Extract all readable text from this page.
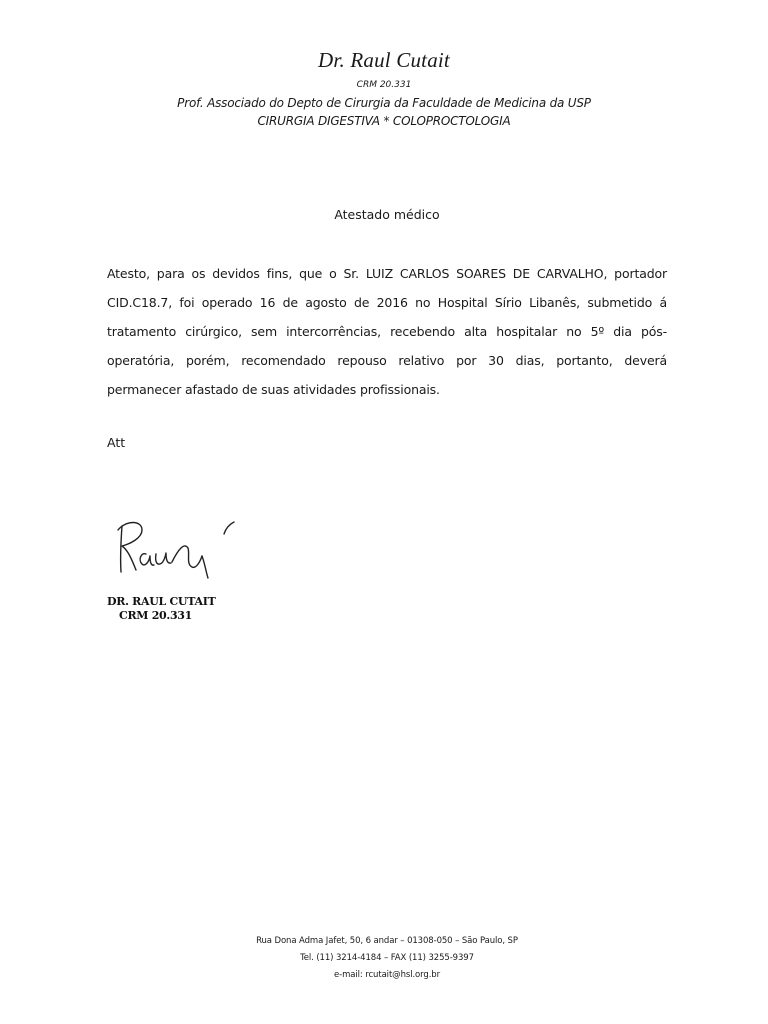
Dr. Raul Cutait
CRM 20.331
Prof. Associado do Depto de Cirurgia da Faculdade de Medicina da USP
CIRURGIA DIGESTIVA * COLOPROCTOLOGIA
Atestado médico
Atesto, para os devidos fins, que o Sr. LUIZ CARLOS SOARES DE CARVALHO, portador CID.C18.7, foi operado 16 de agosto de 2016 no Hospital Sírio Libanês, submetido á tratamento cirúrgico, sem intercorrências, recebendo alta hospitalar no 5º dia pós-operatória, porém, recomendado repouso relativo por 30 dias, portanto, deverá permanecer afastado de suas atividades profissionais.
Att
DR. RAUL CUTAIT
CRM 20.331
Rua Dona Adma Jafet, 50, 6 andar – 01308-050 – São Paulo, SP
Tel. (11) 3214-4184 – FAX (11) 3255-9397
e-mail: rcutait@hsl.org.br
